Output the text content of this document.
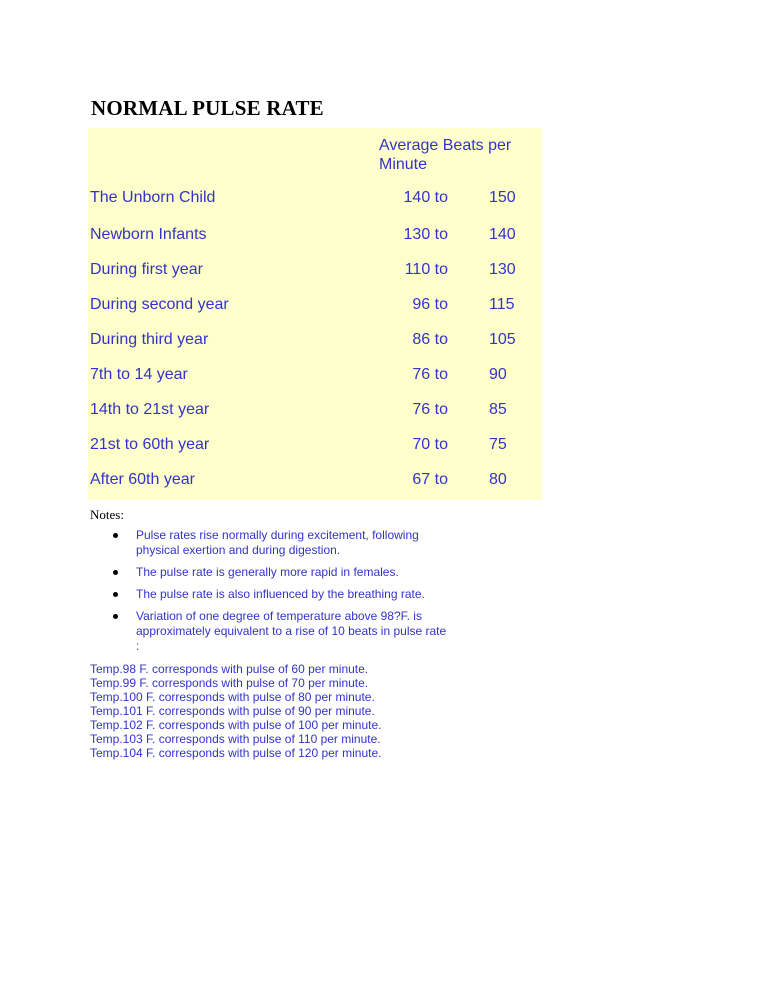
NORMAL PULSE RATE
Average Beats per Minute
The Unborn Child	140 to	150
Newborn Infants	130 to	140
During first year	110 to	130
During second year	96 to	115
During third year	86 to	105
7th to 14 year	76 to	90
14th to 21st year	76 to	85
21st to 60th year	70 to	75
After 60th year	67 to	80
Notes:
Pulse rates rise normally during excitement, following physical exertion and during digestion.
The pulse rate is generally more rapid in females.
The pulse rate is also influenced by the breathing rate.
Variation of one degree of temperature above 98?F. is approximately equivalent to a rise of 10 beats in pulse rate :
Temp.98 F. corresponds with pulse of 60 per minute.
Temp.99 F. corresponds with pulse of 70 per minute.
Temp.100 F. corresponds with pulse of 80 per minute.
Temp.101 F. corresponds with pulse of 90 per minute.
Temp.102 F. corresponds with pulse of 100 per minute.
Temp.103 F. corresponds with pulse of 110 per minute.
Temp.104 F. corresponds with pulse of 120 per minute.
